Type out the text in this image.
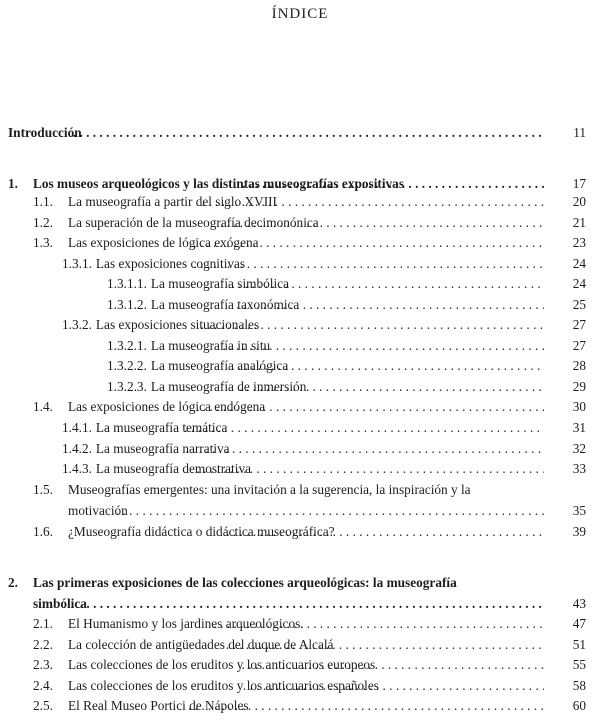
ÍNDICE
Introducción . . .	11
1.	Los museos arqueológicos y las distintas museografías expositivas . . .	17
1.1.	La museografía a partir del siglo XVIII . . .	20
1.2.	La superación de la museografía decimonónica . . .	21
1.3.	Las exposiciones de lógica exógena . . .	23
1.3.1. Las exposiciones cognitivas . . .	24
1.3.1.1. La museografía simbólica . . .	24
1.3.1.2. La museografía taxonómica . . .	25
1.3.2. Las exposiciones situacionales . . .	27
1.3.2.1. La museografía in situ . . .	27
1.3.2.2. La museografía analógica . . .	28
1.3.2.3. La museografía de inmersión . . .	29
1.4.	Las exposiciones de lógica endógena . . .	30
1.4.1. La museografía temática . . .	31
1.4.2. La museografía narrativa . . .	32
1.4.3. La museografía demostrativa . . .	33
1.5.	Museografías emergentes: una invitación a la sugerencia, la inspiración y la
motivación . . .	35
1.6.	¿Museografía didáctica o didáctica museográfica? . . .	39
2.	Las primeras exposiciones de las colecciones arqueológicas: la museografía
simbólica . . .	43
2.1.	El Humanismo y los jardines arqueológicos. . . .	47
2.2.	La colección de antigüedades del duque de Alcalá . . .	51
2.3.	Las colecciones de los eruditos y los anticuarios europeos . . .	55
2.4.	Las colecciones de los eruditos y los anticuarios españoles . . .	58
2.5.	El Real Museo Portici de Nápoles . . .	60
